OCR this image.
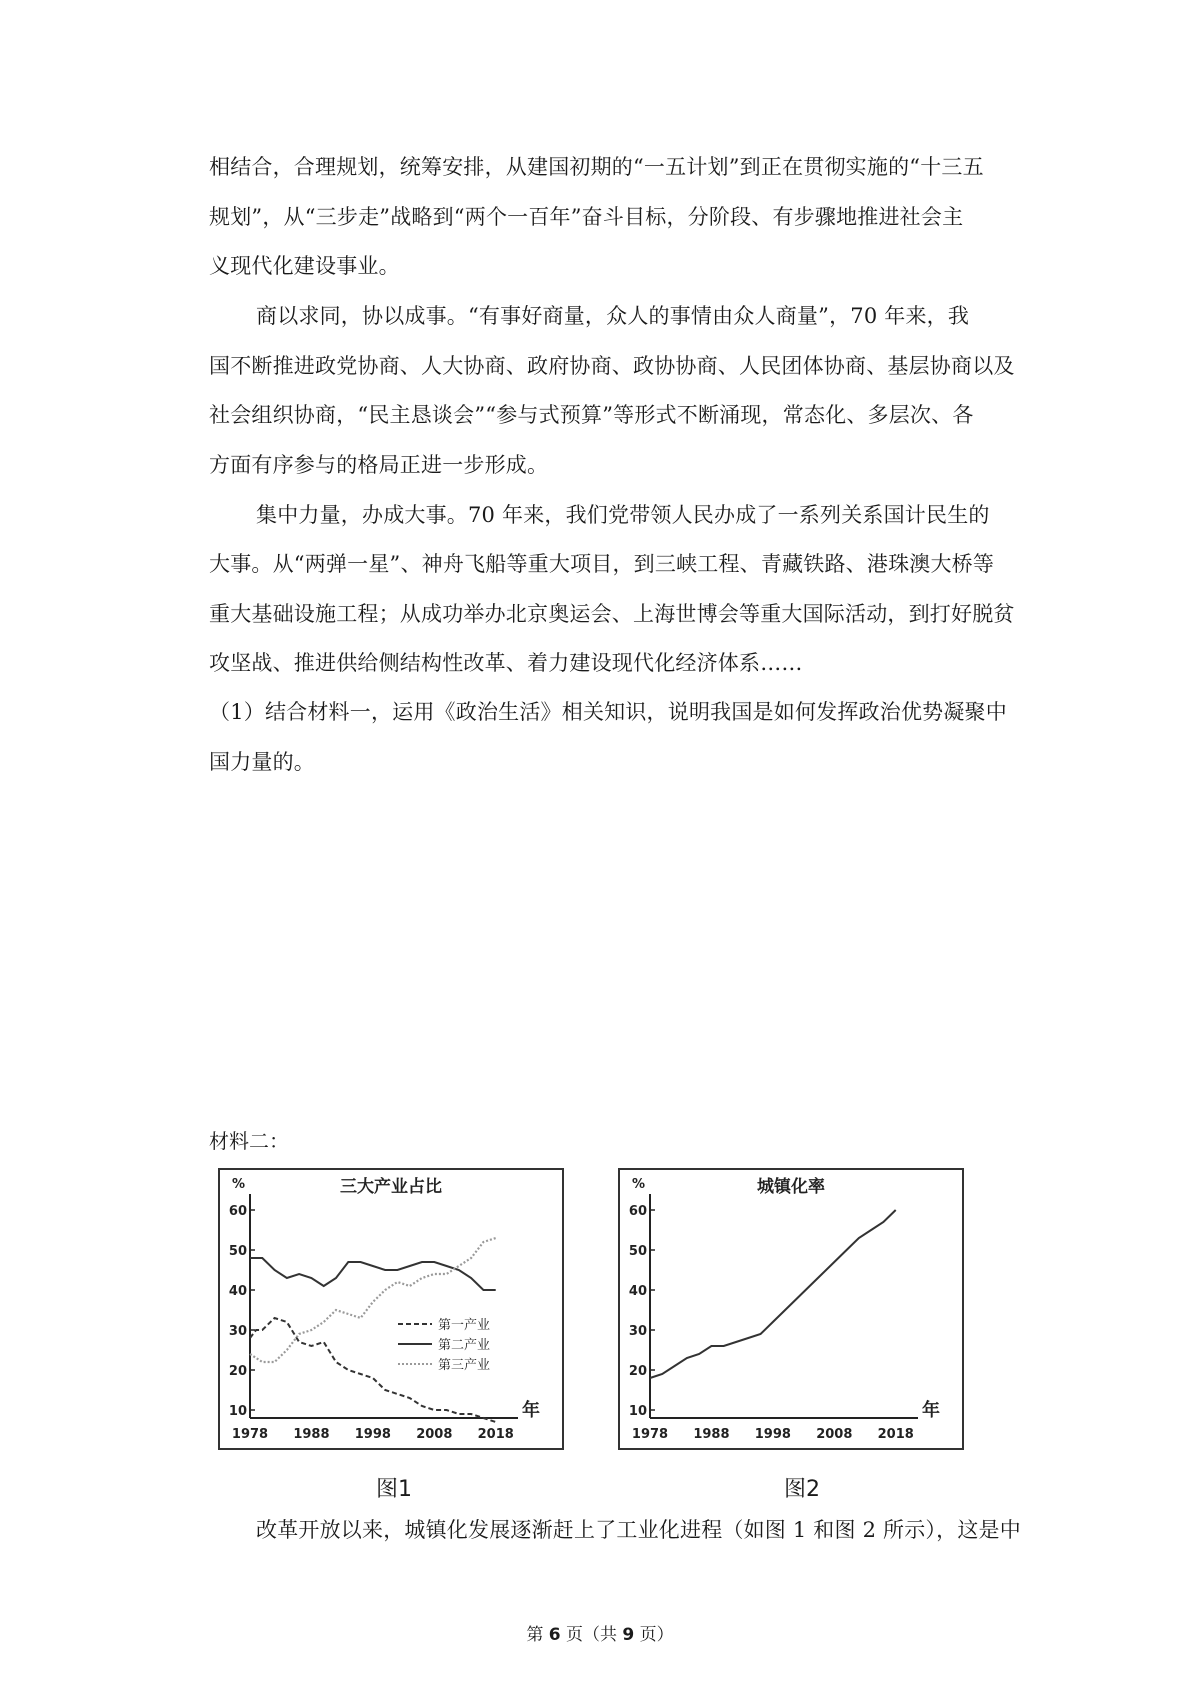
相结合，合理规划，统筹安排，从建国初期的“一五计划”到正在贯彻实施的“十三五
规划”，从“三步走”战略到“两个一百年”奋斗目标，分阶段、有步骤地推进社会主
义现代化建设事业。
商以求同，协以成事。“有事好商量，众人的事情由众人商量”，70 年来，我
国不断推进政党协商、人大协商、政府协商、政协协商、人民团体协商、基层协商以及
社会组织协商，“民主恳谈会”“参与式预算”等形式不断涌现，常态化、多层次、各
方面有序参与的格局正进一步形成。
集中力量，办成大事。70 年来，我们党带领人民办成了一系列关系国计民生的
大事。从“两弹一星”、神舟飞船等重大项目，到三峡工程、青藏铁路、港珠澳大桥等
重大基础设施工程；从成功举办北京奥运会、上海世博会等重大国际活动，到打好脱贫
攻坚战、推进供给侧结构性改革、着力建设现代化经济体系……
（1）结合材料一，运用《政治生活》相关知识，说明我国是如何发挥政治优势凝聚中
国力量的。
材料二：
三大产业占比
%
年
10
20
30
40
50
60
1978 1988 1998 2008 2018
第一产业
第二产业
第三产业
图1
城镇化率
%
年
10
20
30
40
50
60
1978 1988 1998 2008 2018
图2
改革开放以来，城镇化发展逐渐赶上了工业化进程（如图 1 和图 2 所示），这是中
第 6 页（共 9 页）
